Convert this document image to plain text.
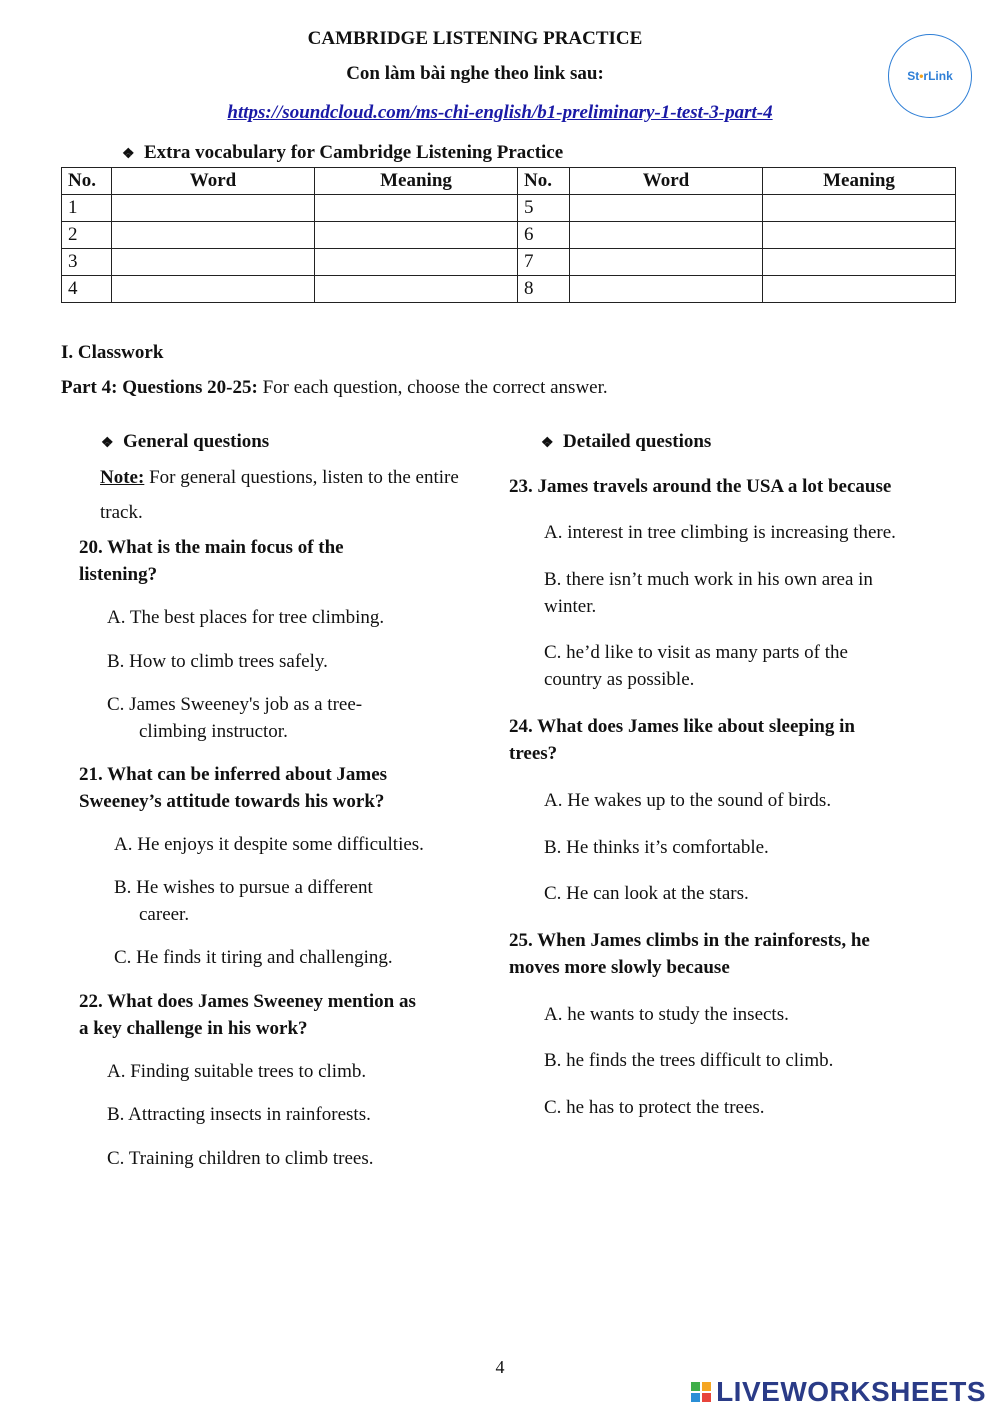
CAMBRIDGE LISTENING PRACTICE
Con làm bài nghe theo link sau:
https://soundcloud.com/ms-chi-english/b1-preliminary-1-test-3-part-4
St • rLink
❖ Extra vocabulary for Cambridge Listening Practice
No.	Word	Meaning	No.	Word	Meaning
1			5		
2			6		
3			7		
4			8		
I. Classwork
Part 4: Questions 20-25: For each question, choose the correct answer.
❖ General questions
Note: For general questions, listen to the entire
track.
20. What is the main focus of the
listening?
A. The best places for tree climbing.
B. How to climb trees safely.
C. James Sweeney's job as a tree-
climbing instructor.
21. What can be inferred about James
Sweeney’s attitude towards his work?
A. He enjoys it despite some difficulties.
B. He wishes to pursue a different
career.
C. He finds it tiring and challenging.
22. What does James Sweeney mention as
a key challenge in his work?
A. Finding suitable trees to climb.
B. Attracting insects in rainforests.
C. Training children to climb trees.
❖ Detailed questions
23. James travels around the USA a lot because
A. interest in tree climbing is increasing there.
B. there isn’t much work in his own area in
winter.
C. he’d like to visit as many parts of the
country as possible.
24. What does James like about sleeping in
trees?
A. He wakes up to the sound of birds.
B. He thinks it’s comfortable.
C. He can look at the stars.
25. When James climbs in the rainforests, he
moves more slowly because
A. he wants to study the insects.
B. he finds the trees difficult to climb.
C. he has to protect the trees.
4
LIVEWORKSHEETS
